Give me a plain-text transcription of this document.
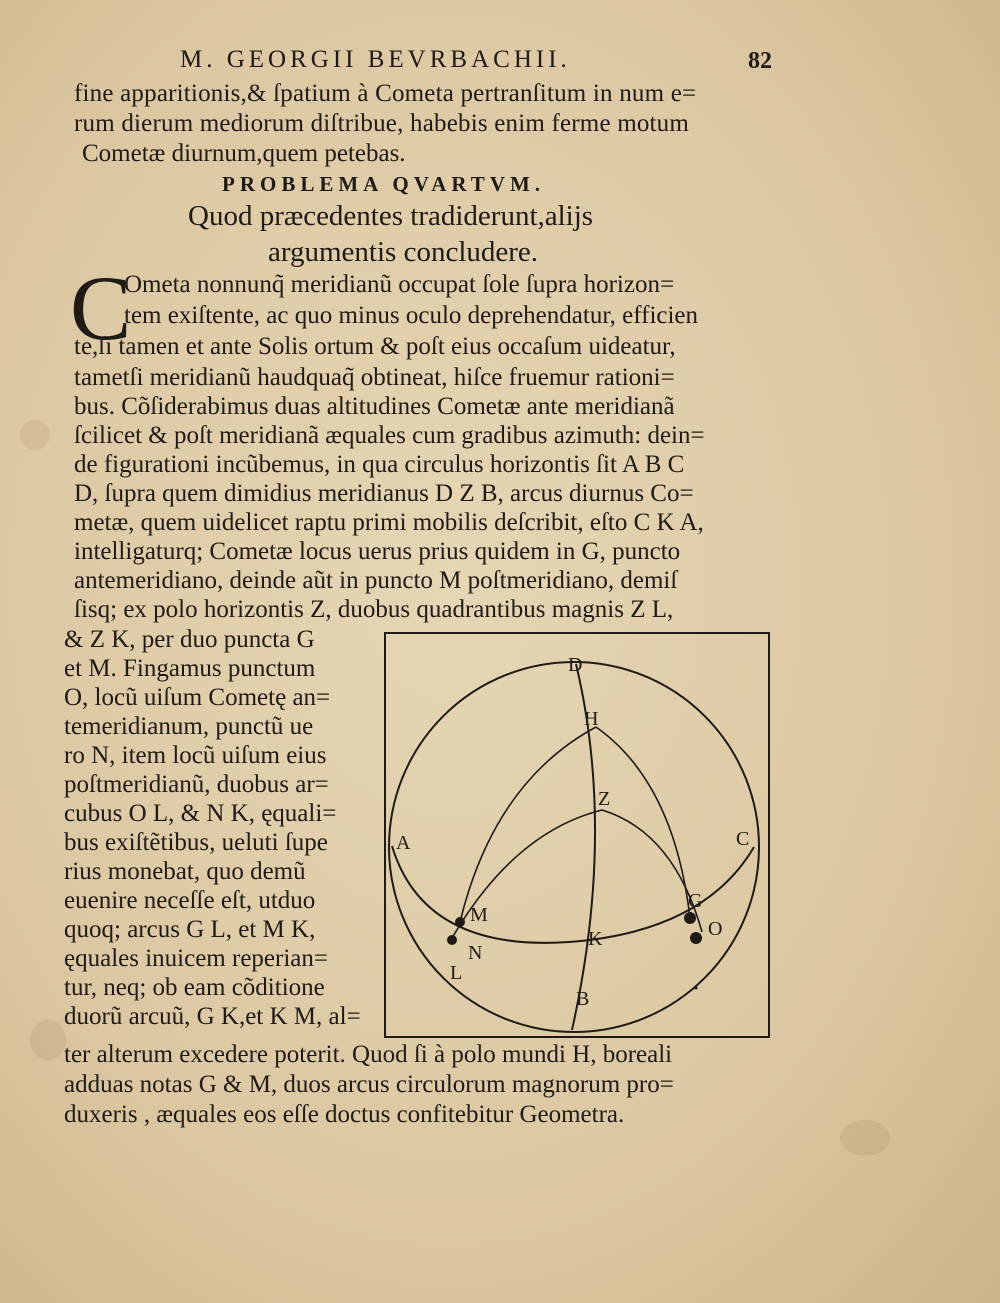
M. GEORGII BEVRBACHII.	82
fine apparitionis,& ſpatium à Cometa pertranſitum in num e=
rum dierum mediorum diſtribue, habebis enim ferme motum
Cometæ diurnum,quem petebas.
PROBLEMA QVARTVM.
Quod præcedentes tradiderunt,aliјs
argumentis concludere.
C
Ometa nonnunq̃ meridianũ occupat ſole ſupra horizon=
tem exiſtente, ac quo minus oculo deprehendatur, efficien
te,ſi tamen et ante Solis ortum & poſt eius occaſum uideatur,
tametſi meridianũ haudquaq̃ obtineat, hiſce fruemur rationi=
bus. Cõſiderabimus duas altitudines Cometæ ante meridianã
ſcilicet & poſt meridianã æquales cum gradibus azimuth: dein=
de figurationi incũbemus, in qua circulus horizontis ſit A B C
D, ſupra quem dimidius meridianus D Z B, arcus diurnus Co=
metæ, quem uidelicet raptu primi mobilis deſcribit, eſto C K A,
intelligaturq; Cometæ locus uerus prius quidem in G, puncto
antemeridiano, deinde aũt in puncto M poſtmeridiano, demiſ
ſisq; ex polo horizontis Z, duobus quadrantibus magnis Z L,
& Z K, per duo puncta G
et M. Fingamus punctum
O, locũ uiſum Cometę an=
temeridianum, punctũ ue
ro N, item locũ uiſum eius
poſtmeridianũ, duobus ar=
cubus O L, & N K, ęquali=
bus exiſtẽtibus, ueluti ſupe
rius monebat, quo demũ
euenire neceſſe eſt, utduo
quoq; arcus G L, et M K,
ęquales inuicem reperian=
tur, neq; ob eam cõditione
duorũ arcuũ, G K,et K M, al=
D
H
Z
A	C
M
N
L
K
G
O
B
ter alterum excedere poterit. Quod ſi à polo mundi H, boreali
adduas notas G & M, duos arcus circulorum magnorum pro=
duxeris , æquales eos eſſe doctus confitebitur Geometra.
